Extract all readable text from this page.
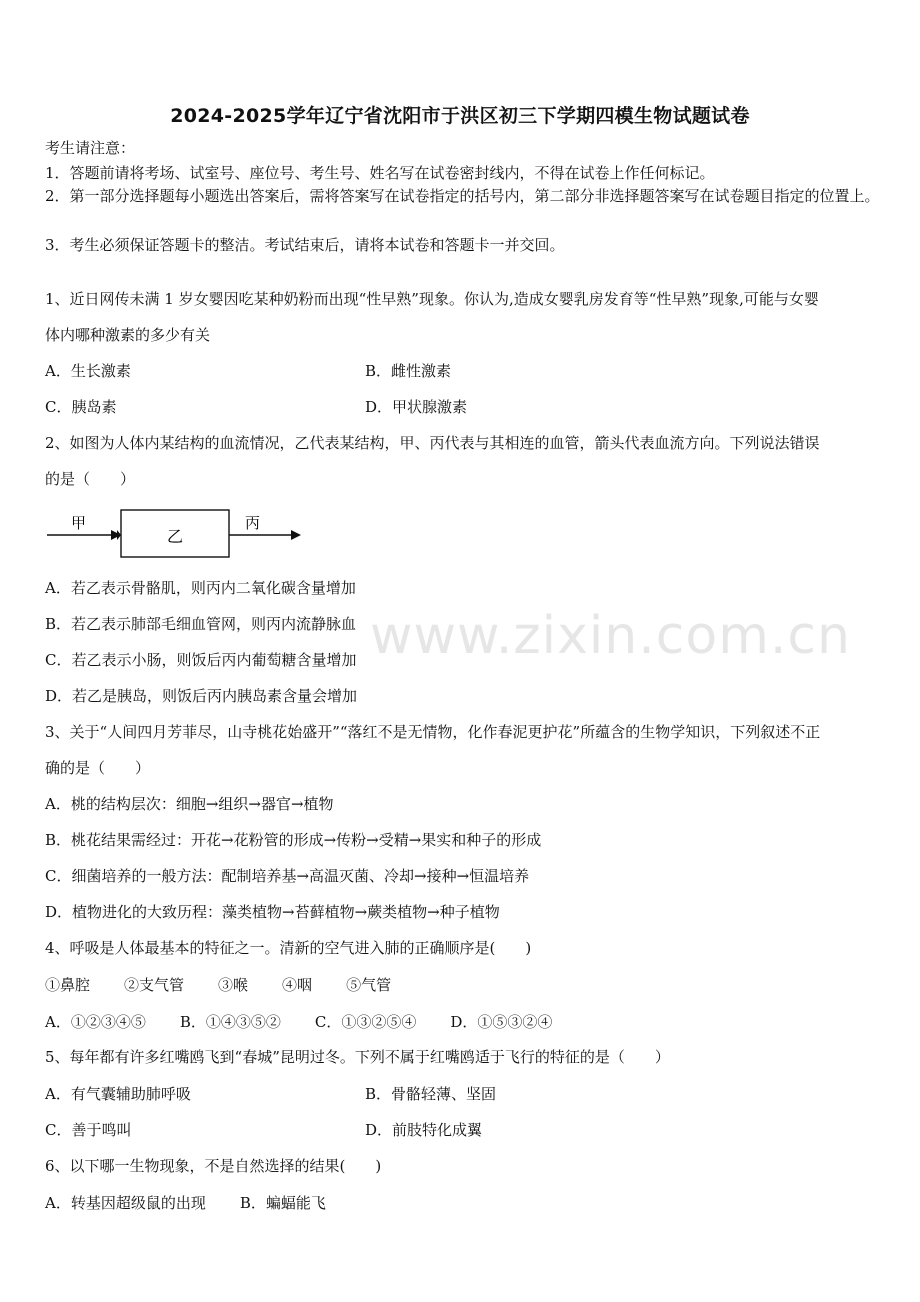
www.zixin.com.cn
2024-2025学年辽宁省沈阳市于洪区初三下学期四模生物试题试卷
考生请注意：
1．答题前请将考场、试室号、座位号、考生号、姓名写在试卷密封线内，不得在试卷上作任何标记。
2．第一部分选择题每小题选出答案后，需将答案写在试卷指定的括号内，第二部分非选择题答案写在试卷题目指定的位置上。
3．考生必须保证答题卡的整洁。考试结束后，请将本试卷和答题卡一并交回。
1、近日网传未满 1 岁女婴因吃某种奶粉而出现“性早熟”现象。你认为,造成女婴乳房发育等“性早熟”现象,可能与女婴
体内哪种激素的多少有关
A．生长激素	B．雌性激素
C．胰岛素	D．甲状腺激素
2、如图为人体内某结构的血流情况，乙代表某结构，甲、丙代表与其相连的血管，箭头代表血流方向。下列说法错误
的是（　　）
甲
乙
丙
A．若乙表示骨骼肌，则丙内二氧化碳含量增加
B．若乙表示肺部毛细血管网，则丙内流静脉血
C．若乙表示小肠，则饭后丙内葡萄糖含量增加
D．若乙是胰岛，则饭后丙内胰岛素含量会增加
3、关于“人间四月芳菲尽，山寺桃花始盛开”“落红不是无情物，化作春泥更护花”所蕴含的生物学知识，下列叙述不正
确的是（　　）
A．桃的结构层次：细胞→组织→器官→植物
B．桃花结果需经过：开花→花粉管的形成→传粉→受精→果实和种子的形成
C．细菌培养的一般方法：配制培养基→高温灭菌、冷却→接种→恒温培养
D．植物进化的大致历程：藻类植物→苔藓植物→蕨类植物→种子植物
4、呼吸是人体最基本的特征之一。清新的空气进入肺的正确顺序是(　　)
①鼻腔 ②支气管 ③喉 ④咽 ⑤气管
A．①②③④⑤ B．①④③⑤② C．①③②⑤④ D．①⑤③②④
5、每年都有许多红嘴鸥飞到“春城”昆明过冬。下列不属于红嘴鸥适于飞行的特征的是（　　）
A．有气囊辅助肺呼吸	B．骨骼轻薄、坚固
C．善于鸣叫	D．前肢特化成翼
6、以下哪一生物现象，不是自然选择的结果(　　)
A．转基因超级鼠的出现 B．蝙蝠能飞
